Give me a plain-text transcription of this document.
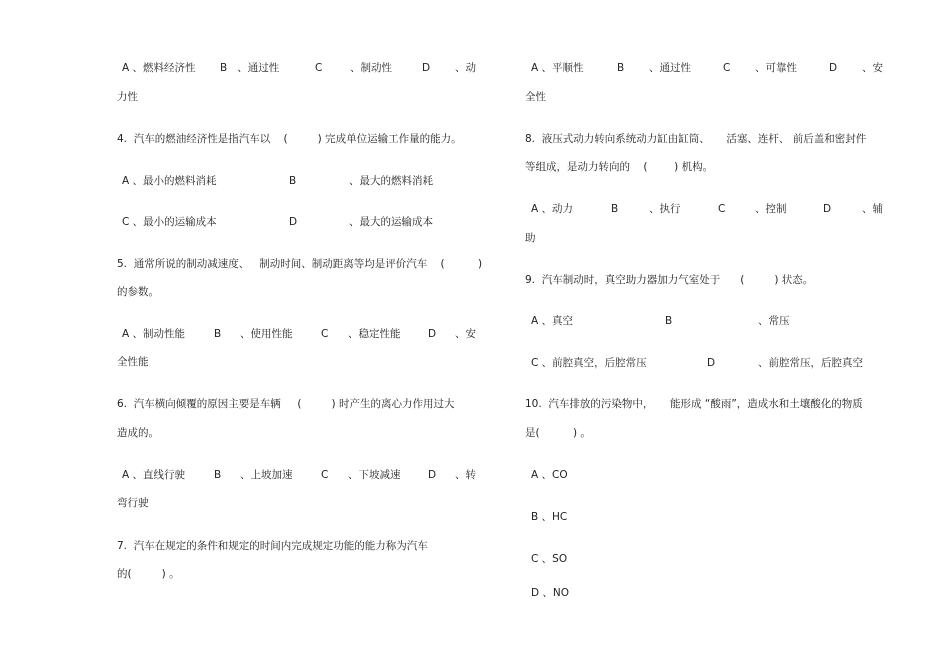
A 、燃料经济性 B   、通过性	C	、制动性	D 、动
力性
4.  汽车的燃油经济性是指汽车以    (         ) 完成单位运输工作量的能力。
A 、最小的燃料消耗	B	、最大的燃料消耗
C 、最小的运输成本	D	、最大的运输成本
5.  通常所说的制动减速度、   制动时间、制动距离等均是评价汽车    (          )
的参数。
A 、制动性能	B 、使用性能	C 、稳定性能	D 、安
全性能
6.  汽车横向倾覆的原因主要是车辆     (         ) 时产生的离心力作用过大
造成的。
A 、直线行驶	B 、上坡加速	C 、下坡减速	D 、转
弯行驶
7.  汽车在规定的条件和规定的时间内完成规定功能的能力称为汽车
的(         ) 。
A 、平顺性	B 、通过性	C 、可靠性	D 、安
全性
8.  液压式动力转向系统动力缸由缸筒、     活塞、连杆、 前后盖和密封件
等组成，是动力转向的    (        ) 机构。
A 、动力	B	、执行	C	、控制	D	、辅
助
9.  汽车制动时，真空助力器加力气室处于      (         ) 状态。
A 、真空	B	、常压
C 、前腔真空，后腔常压	D	、前腔常压，后腔真空
10.  汽车排放的污染物中，     能形成 “酸雨”，造成水和土壤酸化的物质
是(          ) 。
A 、CO
B 、HC
C 、SO
D 、NO
